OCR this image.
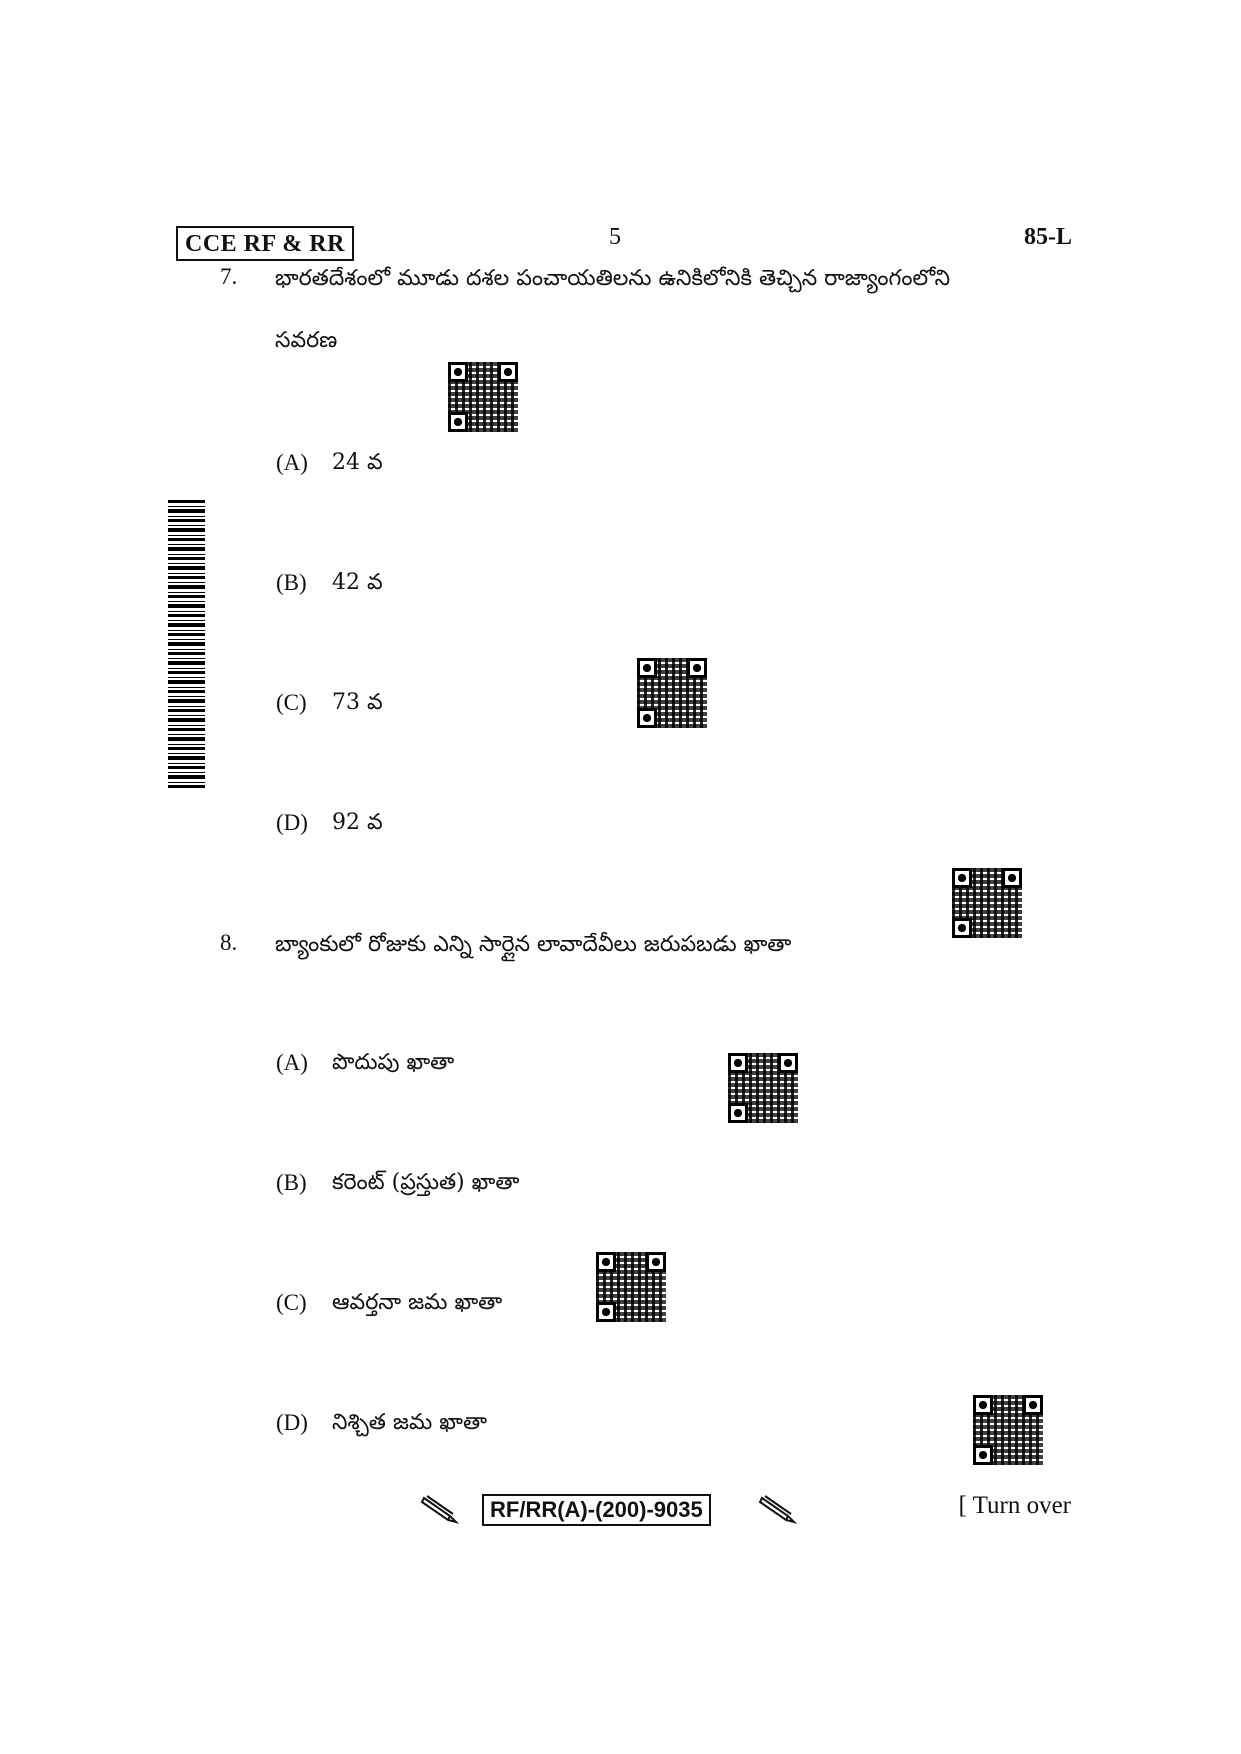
CCE RF & RR	5	85-L
7.	భారతదేశంలో మూడు దశల పంచాయతిలను ఉనికిలోనికి తెచ్చిన రాజ్యాంగంలోని
సవరణ
(A) 24 వ
(B) 42 వ
(C) 73 వ
(D) 92 వ
8.	బ్యాంకులో రోజుకు ఎన్ని సార్లైన లావాదేవీలు జరుపబడు ఖాతా
(A) పొదుపు ఖాతా
(B) కరెంట్ (ప్రస్తుత) ఖాతా
(C) ఆవర్తనా జమ ఖాతా
(D) నిశ్చిత జమ ఖాతా
RF/RR(A)-(200)-9035	[ Turn over
